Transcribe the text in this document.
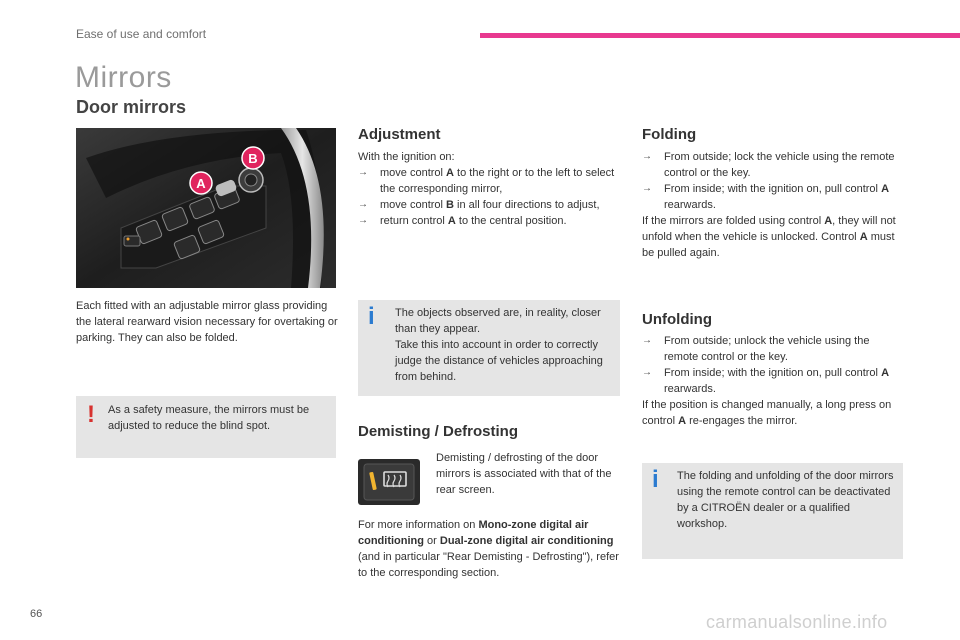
Ease of use and comfort
Mirrors
Door mirrors
A
B
Each fitted with an adjustable mirror glass providing the lateral rearward vision necessary for overtaking or parking. They can also be folded.
! As a safety measure, the mirrors must be adjusted to reduce the blind spot.
Adjustment
With the ignition on:
→ move control A to the right or to the left to select the corresponding mirror,
→ move control B in all four directions to adjust,
→ return control A to the central position.
i The objects observed are, in reality, closer than they appear.
Take this into account in order to correctly judge the distance of vehicles approaching from behind.
Demisting / Defrosting
Demisting / defrosting of the door mirrors is associated with that of the rear screen.
For more information on Mono-zone digital air conditioning or Dual-zone digital air conditioning (and in particular "Rear Demisting - Defrosting"), refer to the corresponding section.
Folding
→ From outside; lock the vehicle using the remote control or the key.
→ From inside; with the ignition on, pull control A rearwards.
If the mirrors are folded using control A, they will not unfold when the vehicle is unlocked. Control A must be pulled again.
Unfolding
→ From outside; unlock the vehicle using the remote control or the key.
→ From inside; with the ignition on, pull control A rearwards.
If the position is changed manually, a long press on control A re-engages the mirror.
i The folding and unfolding of the door mirrors using the remote control can be deactivated by a CITROËN dealer or a qualified workshop.
66	carmanualsonline.info
